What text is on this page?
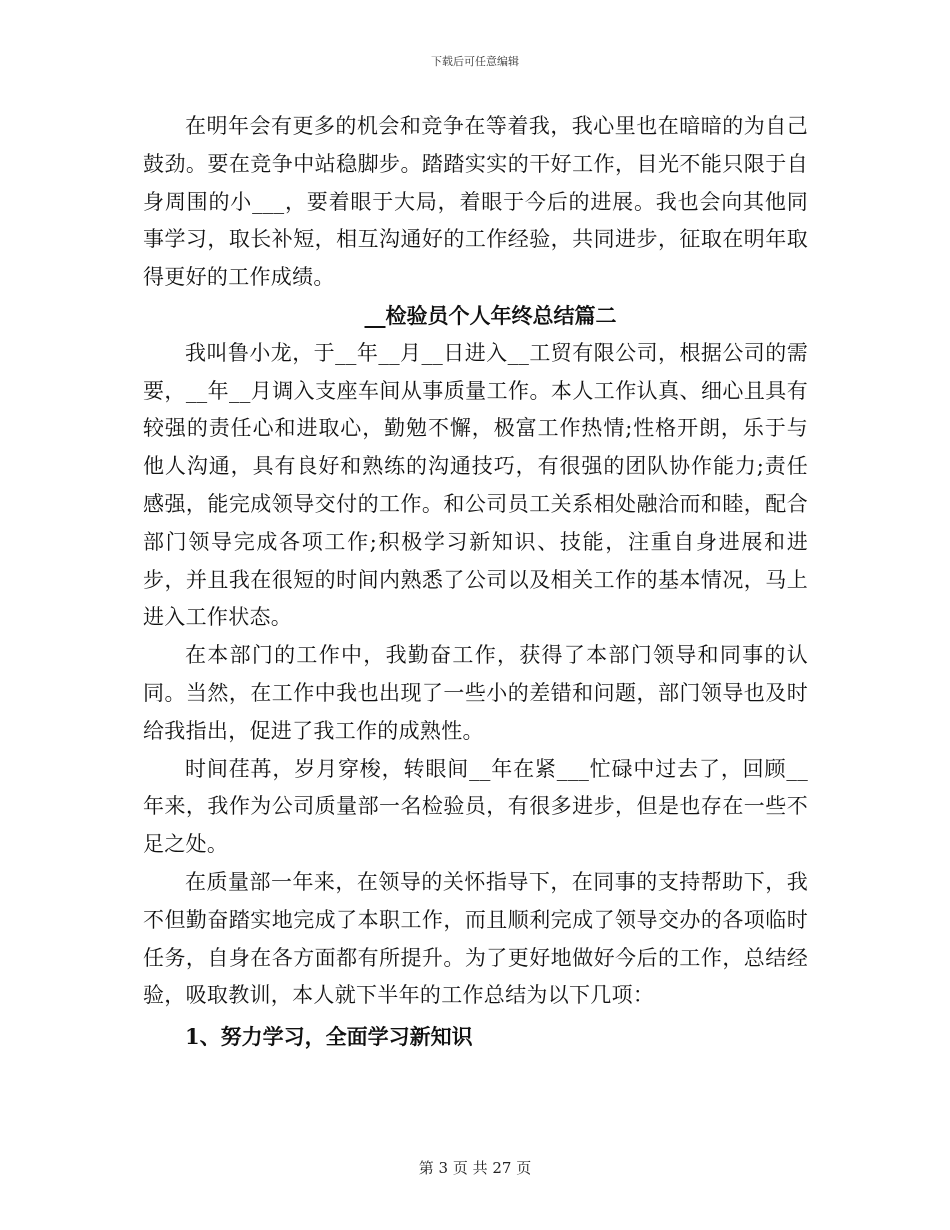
下载后可任意编辑

在明年会有更多的机会和竞争在等着我，我心里也在暗暗的为自己鼓劲。要在竞争中站稳脚步。踏踏实实的干好工作，目光不能只限于自身周围的小___，要着眼于大局，着眼于今后的进展。我也会向其他同事学习，取长补短，相互沟通好的工作经验，共同进步，征取在明年取得更好的工作成绩。

__检验员个人年终总结篇二

我叫鲁小龙，于__年__月__日进入__工贸有限公司，根据公司的需要，__年__月调入支座车间从事质量工作。本人工作认真、细心且具有较强的责任心和进取心，勤勉不懈，极富工作热情;性格开朗，乐于与他人沟通，具有良好和熟练的沟通技巧，有很强的团队协作能力;责任感强，能完成领导交付的工作。和公司员工关系相处融洽而和睦，配合部门领导完成各项工作;积极学习新知识、技能，注重自身进展和进步，并且我在很短的时间内熟悉了公司以及相关工作的基本情况，马上进入工作状态。

在本部门的工作中，我勤奋工作，获得了本部门领导和同事的认同。当然，在工作中我也出现了一些小的差错和问题，部门领导也及时给我指出，促进了我工作的成熟性。

时间荏苒，岁月穿梭，转眼间__年在紧___忙碌中过去了，回顾__年来，我作为公司质量部一名检验员，有很多进步，但是也存在一些不足之处。

在质量部一年来，在领导的关怀指导下，在同事的支持帮助下，我不但勤奋踏实地完成了本职工作，而且顺利完成了领导交办的各项临时任务，自身在各方面都有所提升。为了更好地做好今后的工作，总结经验，吸取教训，本人就下半年的工作总结为以下几项：

1、努力学习，全面学习新知识

第 3 页 共 27 页
